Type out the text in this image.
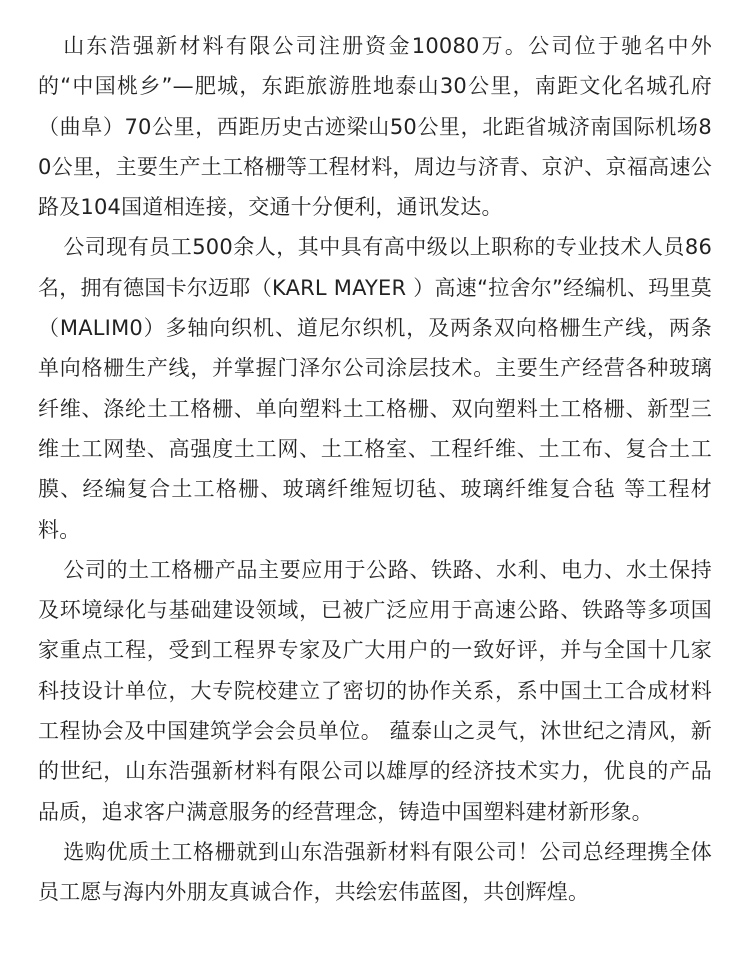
山东浩强新材料有限公司注册资金10080万。公司位于驰名中外的“中国桃乡”—肥城，东距旅游胜地泰山30公里，南距文化名城孔府（曲阜）70公里，西距历史古迹梁山50公里，北距省城济南国际机场80公里，主要生产土工格栅等工程材料，周边与济青、京沪、京福高速公路及104国道相连接，交通十分便利，通讯发达。

公司现有员工500余人，其中具有高中级以上职称的专业技术人员86名，拥有德国卡尔迈耶（KARL MAYER ）高速“拉舍尔”经编机、玛里莫（MALIM0）多轴向织机、道尼尔织机，及两条双向格栅生产线，两条单向格栅生产线，并掌握门泽尔公司涂层技术。主要生产经营各种玻璃纤维、涤纶土工格栅、单向塑料土工格栅、双向塑料土工格栅、新型三维土工网垫、高强度土工网、土工格室、工程纤维、土工布、复合土工膜、经编复合土工格栅、玻璃纤维短切毡、玻璃纤维复合毡 等工程材料。

公司的土工格栅产品主要应用于公路、铁路、水利、电力、水土保持及环境绿化与基础建设领域，已被广泛应用于高速公路、铁路等多项国家重点工程，受到工程界专家及广大用户的一致好评，并与全国十几家科技设计单位，大专院校建立了密切的协作关系，系中国土工合成材料工程协会及中国建筑学会会员单位。 蕴泰山之灵气，沐世纪之清风，新的世纪，山东浩强新材料有限公司以雄厚的经济技术实力，优良的产品品质，追求客户满意服务的经营理念，铸造中国塑料建材新形象。

选购优质土工格栅就到山东浩强新材料有限公司！公司总经理携全体员工愿与海内外朋友真诚合作，共绘宏伟蓝图，共创辉煌。
